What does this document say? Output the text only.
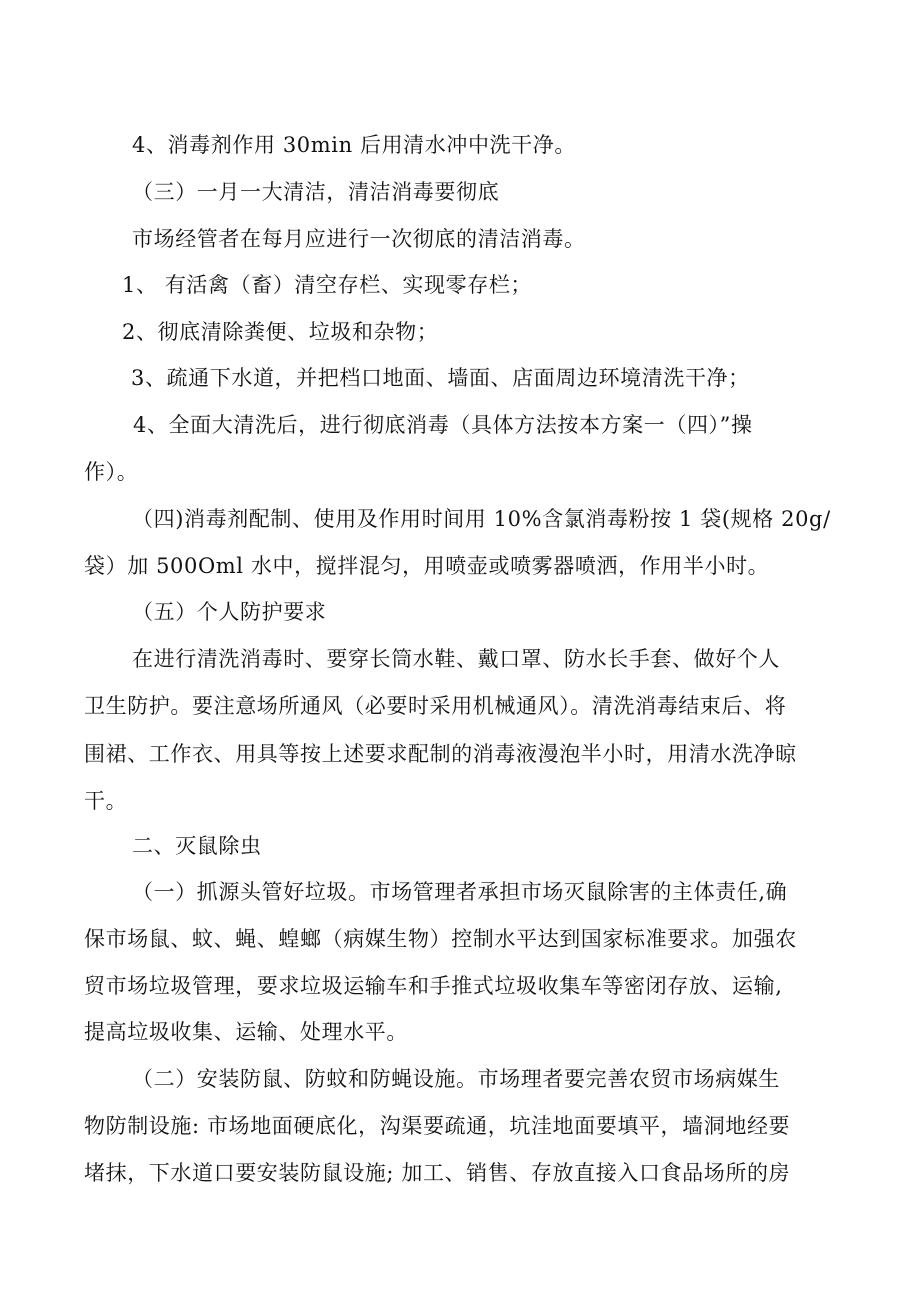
4、消毒剂作用 30min 后用清水冲中洗干净。
（三）一月一大清洁，清洁消毒要彻底
市场经管者在每月应进行一次彻底的清洁消毒。
1、 有活禽（畜）清空存栏、实现零存栏；
2、彻底清除粪便、垃圾和杂物；
3、疏通下水道，并把档口地面、墙面、店面周边环境清洗干净；
4、全面大清洗后，进行彻底消毒（具体方法按本方案一（四）”操
作）。
（四)消毒剂配制、使用及作用时间用 10%含氯消毒粉按 1 袋(规格 20g/
袋）加 500Oml 水中，搅拌混匀，用喷壶或喷雾器喷洒，作用半小时。
（五）个人防护要求
在进行清洗消毒时、要穿长筒水鞋、戴口罩、防水长手套、做好个人
卫生防护。要注意场所通风（必要时采用机械通风）。清洗消毒结束后、将
围裙、工作衣、用具等按上述要求配制的消毒液漫泡半小时，用清水洗净晾
干。
二、灭鼠除虫
（一）抓源头管好垃圾。市场管理者承担市场灭鼠除害的主体责任,确
保市场鼠、蚊、蝇、蝗螂（病媒生物）控制水平达到国家标准要求。加强农
贸市场垃圾管理，要求垃圾运输车和手推式垃圾收集车等密闭存放、运输,
提高垃圾收集、运输、处理水平。
（二）安装防鼠、防蚊和防蝇设施。市场理者要完善农贸市场病媒生
物防制设施: 市场地面硬底化，沟渠要疏通，坑洼地面要填平，墙洞地经要
堵抹，下水道口要安装防鼠设施; 加工、销售、存放直接入口食品场所的房
